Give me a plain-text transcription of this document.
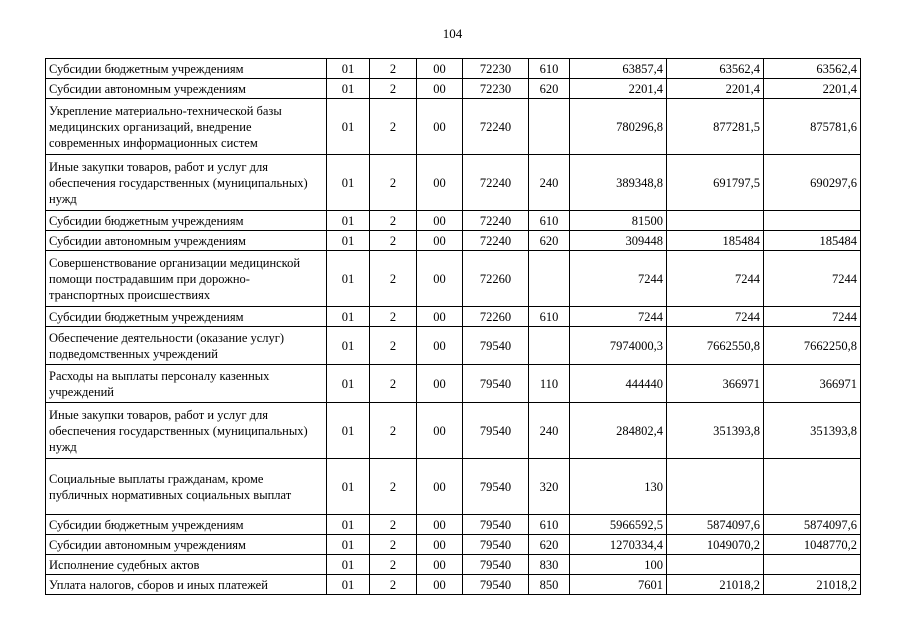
104
Субсидии бюджетным учреждениям	01	2	00	72230	610	63857,4	63562,4	63562,4
Субсидии автономным учреждениям	01	2	00	72230	620	2201,4	2201,4	2201,4
Укрепление материально-технической базы медицинских организаций, внедрение современных информационных систем	01	2	00	72240		780296,8	877281,5	875781,6
Иные закупки товаров, работ и услуг для обеспечения государственных (муниципальных) нужд	01	2	00	72240	240	389348,8	691797,5	690297,6
Субсидии бюджетным учреждениям	01	2	00	72240	610	81500		
Субсидии автономным учреждениям	01	2	00	72240	620	309448	185484	185484
Совершенствование организации медицинской помощи пострадавшим при дорожно-транспортных происшествиях	01	2	00	72260		7244	7244	7244
Субсидии бюджетным учреждениям	01	2	00	72260	610	7244	7244	7244
Обеспечение деятельности (оказание услуг) подведомственных учреждений	01	2	00	79540		7974000,3	7662550,8	7662250,8
Расходы на выплаты персоналу казенных учреждений	01	2	00	79540	110	444440	366971	366971
Иные закупки товаров, работ и услуг для обеспечения государственных (муниципальных) нужд	01	2	00	79540	240	284802,4	351393,8	351393,8
Социальные выплаты гражданам, кроме публичных нормативных социальных выплат	01	2	00	79540	320	130		
Субсидии бюджетным учреждениям	01	2	00	79540	610	5966592,5	5874097,6	5874097,6
Субсидии автономным учреждениям	01	2	00	79540	620	1270334,4	1049070,2	1048770,2
Исполнение судебных актов	01	2	00	79540	830	100		
Уплата налогов, сборов и иных платежей	01	2	00	79540	850	7601	21018,2	21018,2
